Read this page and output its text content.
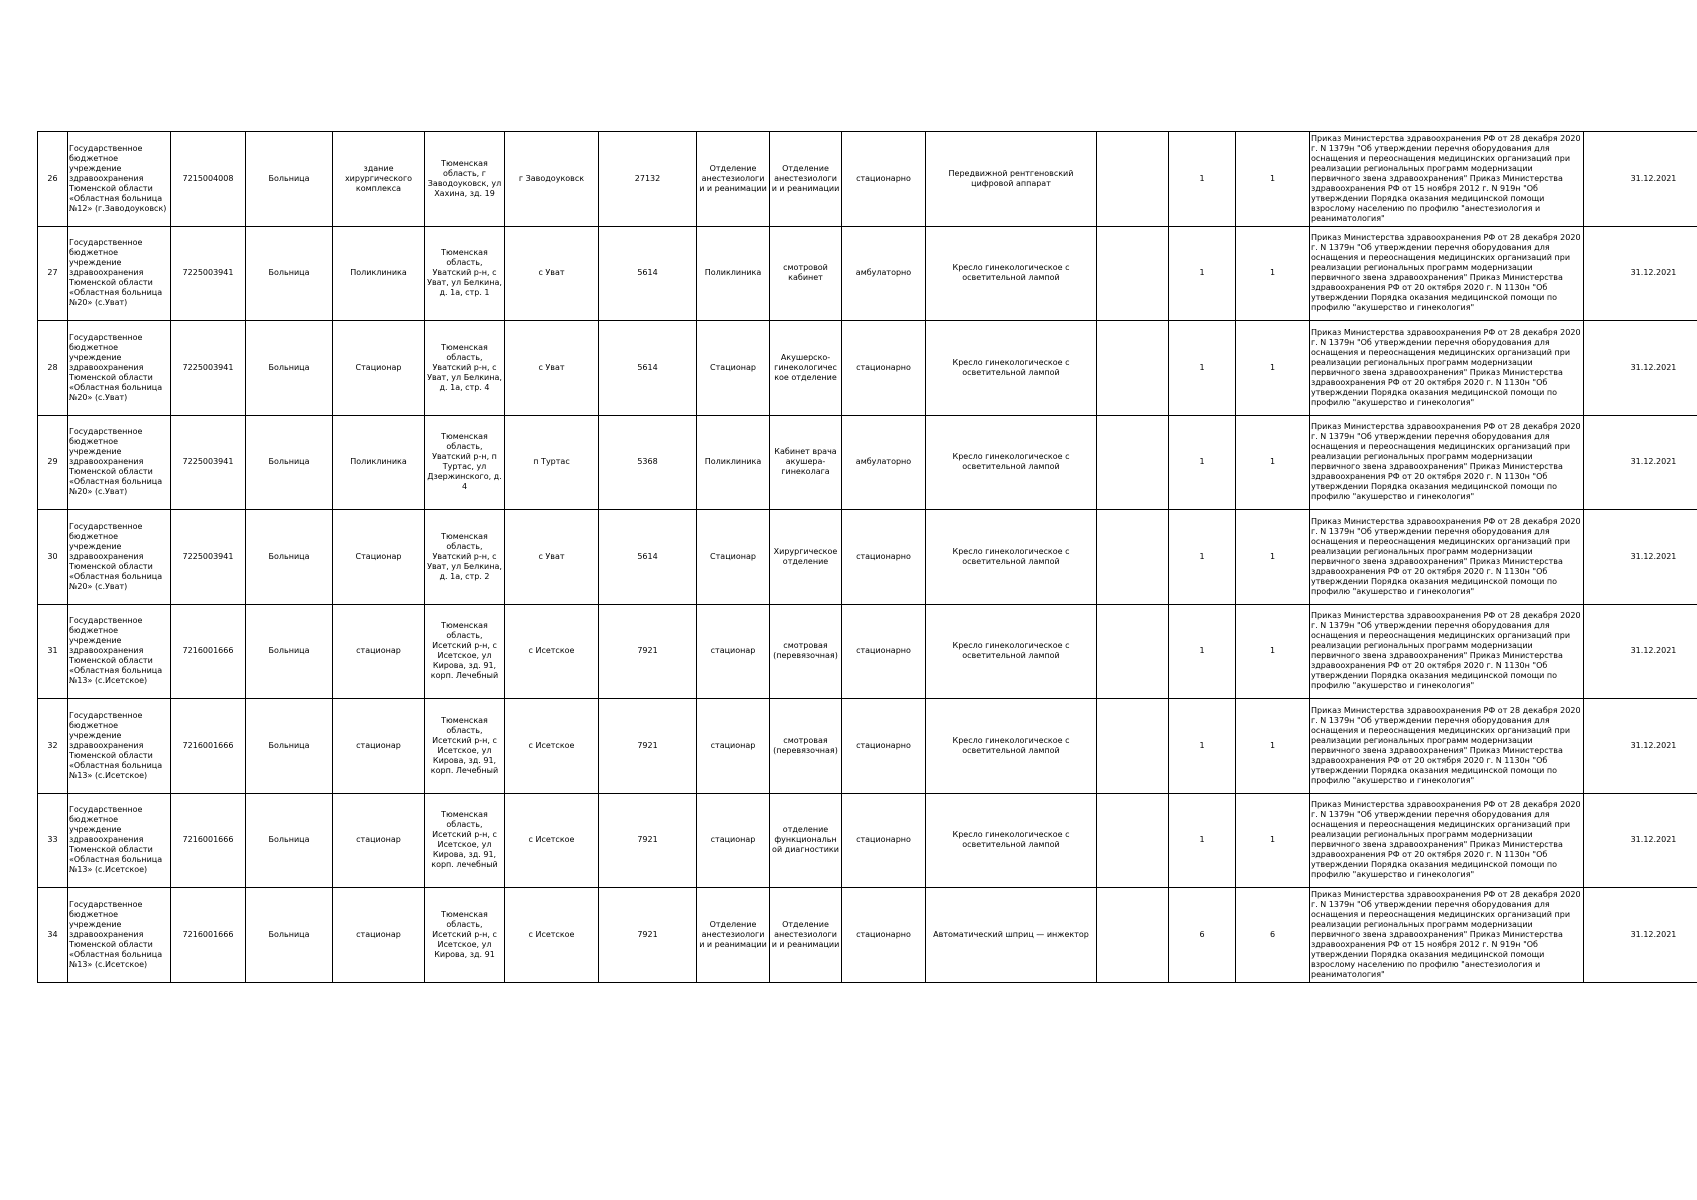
26	Государственное бюджетное учреждение здравоохранения Тюменской области «Областная больница №12» (г.Заводоуковск)	7215004008	Больница	здание хирургического комплекса	Тюменская область, г Заводоуковск, ул Хахина, зд. 19	г Заводоуковск	27132	Отделение анестезиологи и и реанимации	Отделение анестезиологи и и реанимации	стационарно	Передвижной рентгеновский цифровой аппарат		1	1	Приказ Министерства здравоохранения РФ от 28 декабря 2020 г. N 1379н "Об утверждении перечня оборудования для оснащения и переоснащения медицинских организаций при реализации региональных программ модернизации первичного звена здравоохранения" Приказ Министерства здравоохранения РФ от 15 ноября 2012 г. N 919н "Об утверждении Порядка оказания медицинской помощи взрослому населению по профилю "анестезиология и реаниматология"	31.12.2021
27	Государственное бюджетное учреждение здравоохранения Тюменской области «Областная больница №20» (с.Уват)	7225003941	Больница	Поликлиника	Тюменская область, Уватский р-н, с Уват, ул Белкина, д. 1а, стр. 1	с Уват	5614	Поликлиника	смотровой кабинет	амбулаторно	Кресло гинекологическое с осветительной лампой		1	1	Приказ Министерства здравоохранения РФ от 28 декабря 2020 г. N 1379н "Об утверждении перечня оборудования для оснащения и переоснащения медицинских организаций при реализации региональных программ модернизации первичного звена здравоохранения" Приказ Министерства здравоохранения РФ от 20 октября 2020 г. N 1130н "Об утверждении Порядка оказания медицинской помощи по профилю "акушерство и гинекология"	31.12.2021
28	Государственное бюджетное учреждение здравоохранения Тюменской области «Областная больница №20» (с.Уват)	7225003941	Больница	Стационар	Тюменская область, Уватский р-н, с Уват, ул Белкина, д. 1а, стр. 4	с Уват	5614	Стационар	Акушерско-гинекологичес кое отделение	стационарно	Кресло гинекологическое с осветительной лампой		1	1	Приказ Министерства здравоохранения РФ от 28 декабря 2020 г. N 1379н "Об утверждении перечня оборудования для оснащения и переоснащения медицинских организаций при реализации региональных программ модернизации первичного звена здравоохранения" Приказ Министерства здравоохранения РФ от 20 октября 2020 г. N 1130н "Об утверждении Порядка оказания медицинской помощи по профилю "акушерство и гинекология"	31.12.2021
29	Государственное бюджетное учреждение здравоохранения Тюменской области «Областная больница №20» (с.Уват)	7225003941	Больница	Поликлиника	Тюменская область, Уватский р-н, п Туртас, ул Дзержинского, д. 4	п Туртас	5368	Поликлиника	Кабинет врача акушера-гинеколага	амбулаторно	Кресло гинекологическое с осветительной лампой		1	1	Приказ Министерства здравоохранения РФ от 28 декабря 2020 г. N 1379н "Об утверждении перечня оборудования для оснащения и переоснащения медицинских организаций при реализации региональных программ модернизации первичного звена здравоохранения" Приказ Министерства здравоохранения РФ от 20 октября 2020 г. N 1130н "Об утверждении Порядка оказания медицинской помощи по профилю "акушерство и гинекология"	31.12.2021
30	Государственное бюджетное учреждение здравоохранения Тюменской области «Областная больница №20» (с.Уват)	7225003941	Больница	Стационар	Тюменская область, Уватский р-н, с Уват, ул Белкина, д. 1а, стр. 2	с Уват	5614	Стационар	Хирургическое отделение	стационарно	Кресло гинекологическое с осветительной лампой		1	1	Приказ Министерства здравоохранения РФ от 28 декабря 2020 г. N 1379н "Об утверждении перечня оборудования для оснащения и переоснащения медицинских организаций при реализации региональных программ модернизации первичного звена здравоохранения" Приказ Министерства здравоохранения РФ от 20 октября 2020 г. N 1130н "Об утверждении Порядка оказания медицинской помощи по профилю "акушерство и гинекология"	31.12.2021
31	Государственное бюджетное учреждение здравоохранения Тюменской области «Областная больница №13» (с.Исетское)	7216001666	Больница	стационар	Тюменская область, Исетский р-н, с Исетское, ул Кирова, зд. 91, корп. Лечебный	с Исетское	7921	стационар	смотровая (перевязочная)	стационарно	Кресло гинекологическое с осветительной лампой		1	1	Приказ Министерства здравоохранения РФ от 28 декабря 2020 г. N 1379н "Об утверждении перечня оборудования для оснащения и переоснащения медицинских организаций при реализации региональных программ модернизации первичного звена здравоохранения" Приказ Министерства здравоохранения РФ от 20 октября 2020 г. N 1130н "Об утверждении Порядка оказания медицинской помощи по профилю "акушерство и гинекология"	31.12.2021
32	Государственное бюджетное учреждение здравоохранения Тюменской области «Областная больница №13» (с.Исетское)	7216001666	Больница	стационар	Тюменская область, Исетский р-н, с Исетское, ул Кирова, зд. 91, корп. Лечебный	с Исетское	7921	стационар	смотровая (перевязочная)	стационарно	Кресло гинекологическое с осветительной лампой		1	1	Приказ Министерства здравоохранения РФ от 28 декабря 2020 г. N 1379н "Об утверждении перечня оборудования для оснащения и переоснащения медицинских организаций при реализации региональных программ модернизации первичного звена здравоохранения" Приказ Министерства здравоохранения РФ от 20 октября 2020 г. N 1130н "Об утверждении Порядка оказания медицинской помощи по профилю "акушерство и гинекология"	31.12.2021
33	Государственное бюджетное учреждение здравоохранения Тюменской области «Областная больница №13» (с.Исетское)	7216001666	Больница	стационар	Тюменская область, Исетский р-н, с Исетское, ул Кирова, зд. 91, корп. лечебный	с Исетское	7921	стационар	отделение функциональн ой диагностики	стационарно	Кресло гинекологическое с осветительной лампой		1	1	Приказ Министерства здравоохранения РФ от 28 декабря 2020 г. N 1379н "Об утверждении перечня оборудования для оснащения и переоснащения медицинских организаций при реализации региональных программ модернизации первичного звена здравоохранения" Приказ Министерства здравоохранения РФ от 20 октября 2020 г. N 1130н "Об утверждении Порядка оказания медицинской помощи по профилю "акушерство и гинекология"	31.12.2021
34	Государственное бюджетное учреждение здравоохранения Тюменской области «Областная больница №13» (с.Исетское)	7216001666	Больница	стационар	Тюменская область, Исетский р-н, с Исетское, ул Кирова, зд. 91	с Исетское	7921	Отделение анестезиологи и и реанимации	Отделение анестезиологи и и реанимации	стационарно	Автоматический шприц — инжектор		6	6	Приказ Министерства здравоохранения РФ от 28 декабря 2020 г. N 1379н "Об утверждении перечня оборудования для оснащения и переоснащения медицинских организаций при реализации региональных программ модернизации первичного звена здравоохранения" Приказ Министерства здравоохранения РФ от 15 ноября 2012 г. N 919н "Об утверждении Порядка оказания медицинской помощи взрослому населению по профилю "анестезиология и реаниматология"	31.12.2021
